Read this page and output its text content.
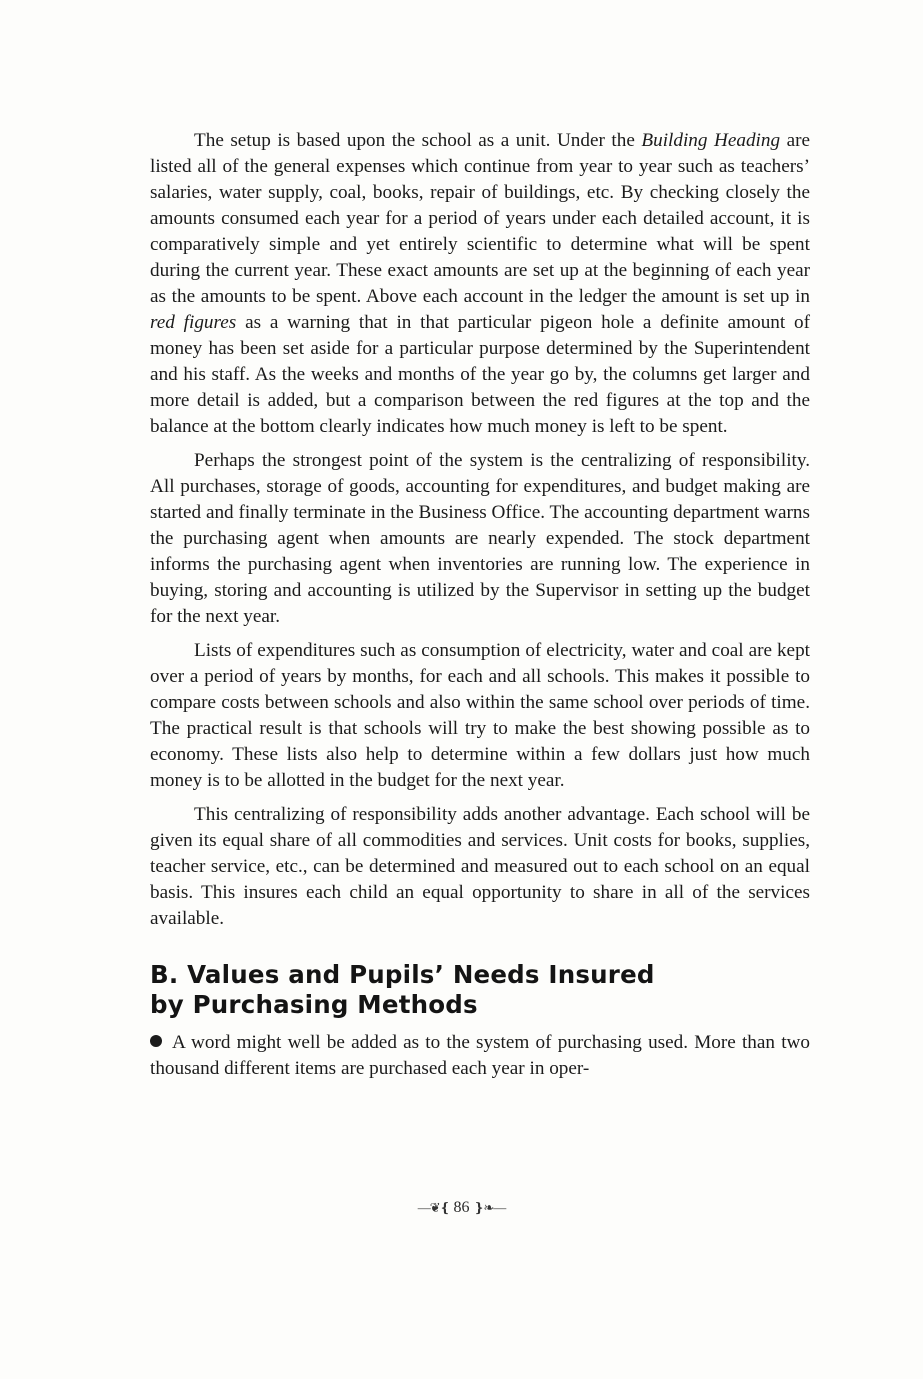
The setup is based upon the school as a unit. Under the Building Heading are listed all of the general expenses which continue from year to year such as teachers’ salaries, water supply, coal, books, repair of buildings, etc. By checking closely the amounts consumed each year for a period of years under each detailed account, it is comparatively simple and yet entirely scientific to determine what will be spent during the current year. These exact amounts are set up at the beginning of each year as the amounts to be spent. Above each account in the ledger the amount is set up in red figures as a warning that in that particular pigeon hole a definite amount of money has been set aside for a particular purpose determined by the Superintendent and his staff. As the weeks and months of the year go by, the columns get larger and more detail is added, but a comparison between the red figures at the top and the balance at the bottom clearly indicates how much money is left to be spent.

Perhaps the strongest point of the system is the centralizing of responsibility. All purchases, storage of goods, accounting for expenditures, and budget making are started and finally terminate in the Business Office. The accounting department warns the purchasing agent when amounts are nearly expended. The stock department informs the purchasing agent when inventories are running low. The experience in buying, storing and accounting is utilized by the Supervisor in setting up the budget for the next year.

Lists of expenditures such as consumption of electricity, water and coal are kept over a period of years by months, for each and all schools. This makes it possible to compare costs between schools and also within the same school over periods of time. The practical result is that schools will try to make the best showing possible as to economy. These lists also help to determine within a few dollars just how much money is to be allotted in the budget for the next year.

This centralizing of responsibility adds another advantage. Each school will be given its equal share of all commodities and services. Unit costs for books, supplies, teacher service, etc., can be determined and measured out to each school on an equal basis. This insures each child an equal opportunity to share in all of the services available.

B. Values and Pupils’ Needs Insured
by Purchasing Methods

A word might well be added as to the system of purchasing used. More than two thousand different items are purchased each year in oper-

—❦❴ 86 ❵❧—
